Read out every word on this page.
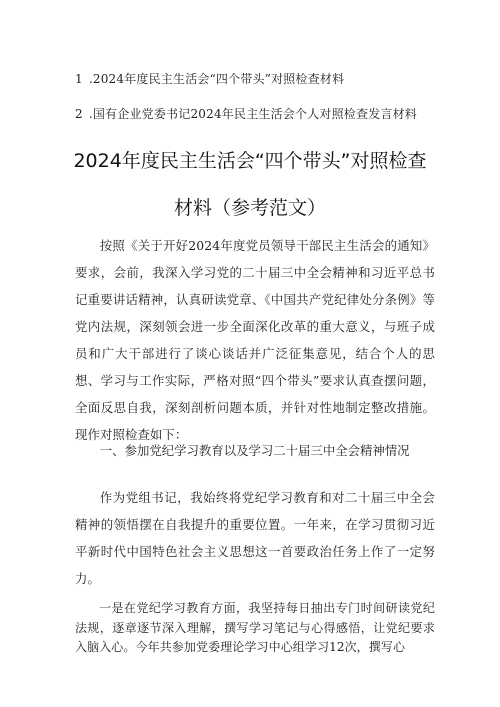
1 .2024年度民主生活会“四个带头”对照检查材料
2 .国有企业党委书记2024年民主生活会个人对照检查发言材料
2024年度民主生活会“四个带头”对照检查
材料（参考范文）

按照《关于开好2024年度党员领导干部民主生活会的通知》要求，会前，我深入学习党的二十届三中全会精神和习近平总书记重要讲话精神，认真研读党章、《中国共产党纪律处分条例》等党内法规，深刻领会进一步全面深化改革的重大意义，与班子成员和广大干部进行了谈心谈话并广泛征集意见，结合个人的思想、学习与工作实际，严格对照“四个带头”要求认真查摆问题，全面反思自我，深刻剖析问题本质，并针对性地制定整改措施。现作对照检查如下：

一、参加党纪学习教育以及学习二十届三中全会精神情况

作为党组书记，我始终将党纪学习教育和对二十届三中全会精神的领悟摆在自我提升的重要位置。一年来，在学习贯彻习近平新时代中国特色社会主义思想这一首要政治任务上作了一定努力。

一是在党纪学习教育方面，我坚持每日抽出专门时间研读党纪法规，逐章逐节深入理解，撰写学习笔记与心得感悟，让党纪要求入脑入心。今年共参加党委理论学习中心组学习12次，撰写心
